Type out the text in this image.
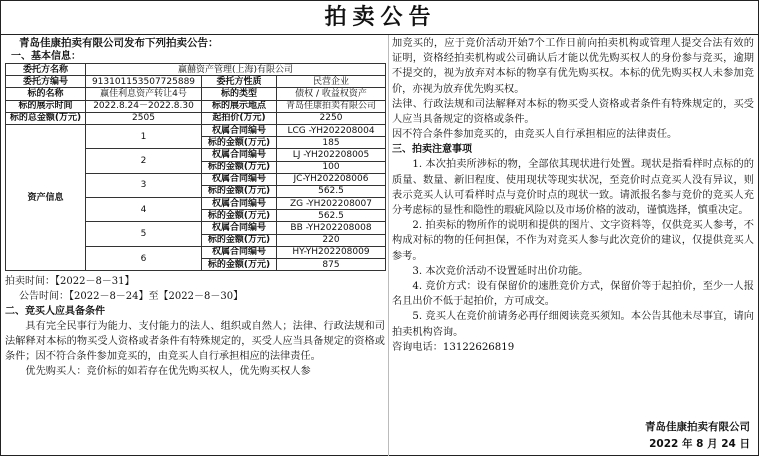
拍卖公告
青岛佳康拍卖有限公司发布下列拍卖公告：
一、基本信息：
委托方名称	赢囍资产管理(上海)有限公司		
委托方编号	913101153507725889	委托方性质	民营企业
标的名称	赢佳利息资产转让4号	标的类型	债权 / 收益权资产
标的展示时间	2022.8.24－2022.8.30	标的展示地点	青岛佳康拍卖有限公司
标的总金额(万元)	2505	起拍价(万元)	2250
资产信息	1	权属合同编号	LCG -YH202208004
		标的金额(万元)	185
	2	权属合同编号	LJ -YH202208005
		标的金额(万元)	100
	3	权属合同编号	JC-YH202208006
		标的金额(万元)	562.5
	4	权属合同编号	ZG -YH202208007
		标的金额(万元)	562.5
	5	权属合同编号	BB -YH202208008
		标的金额(万元)	220
	6	权属合同编号	HY-YH202208009
		标的金额(万元)	875
拍卖时间：【2022－8－31】
公告时间：【2022－8－24】至【2022－8－30】
二、竞买人应具备条件
具有完全民事行为能力、支付能力的法人、组织或自然人；法律、行政法规和司法解释对本标的物买受人资格或者条件有特殊规定的，买受人应当具备规定的资格或条件；因不符合条件参加竞买的，由竞买人自行承担相应的法律责任。
优先购买人：竞价标的如若存在优先购买权人，优先购买权人参
加竞买的，应于竞价活动开始7个工作日前向拍卖机构或管理人提交合法有效的证明，资格经拍卖机构或公司确认后才能以优先购买权人的身份参与竞买，逾期不提交的，视为放弃对本标的物享有优先购买权。本标的优先购买权人未参加竞价，亦视为放弃优先购买权。
法律、行政法规和司法解释对本标的物买受人资格或者条件有特殊规定的，买受人应当具备规定的资格或条件。
因不符合条件参加竞买的，由竞买人自行承担相应的法律责任。
三、拍卖注意事项
1. 本次拍卖所涉标的物，全部依其现状进行处置。现状是指看样时点标的的质量、数量、新旧程度、使用现状等现实状况，至竞价时点竞买人没有异议，则表示竞买人认可看样时点与竞价时点的现状一致。请派报名参与竞价的竞买人充分考虑标的显性和隐性的瑕疵风险以及市场价格的波动，谨慎选择，慎重决定。
2. 拍卖标的物所作的说明和提供的图片、文字资料等，仅供竞买人参考，不构成对标的物的任何担保，不作为对竞买人参与此次竞价的建议，仅提供竞买人参考。
3. 本次竞价活动不设置延时出价功能。
4. 竞价方式：设有保留价的速胜竞价方式，保留价等于起拍价，至少一人报名且出价不低于起拍价，方可成交。
5. 竞买人在竞价前请务必再仔细阅读竞买须知。本公告其他未尽事宜，请向拍卖机构咨询。
咨询电话：13122626819
青岛佳康拍卖有限公司
2022 年 8 月 24 日
